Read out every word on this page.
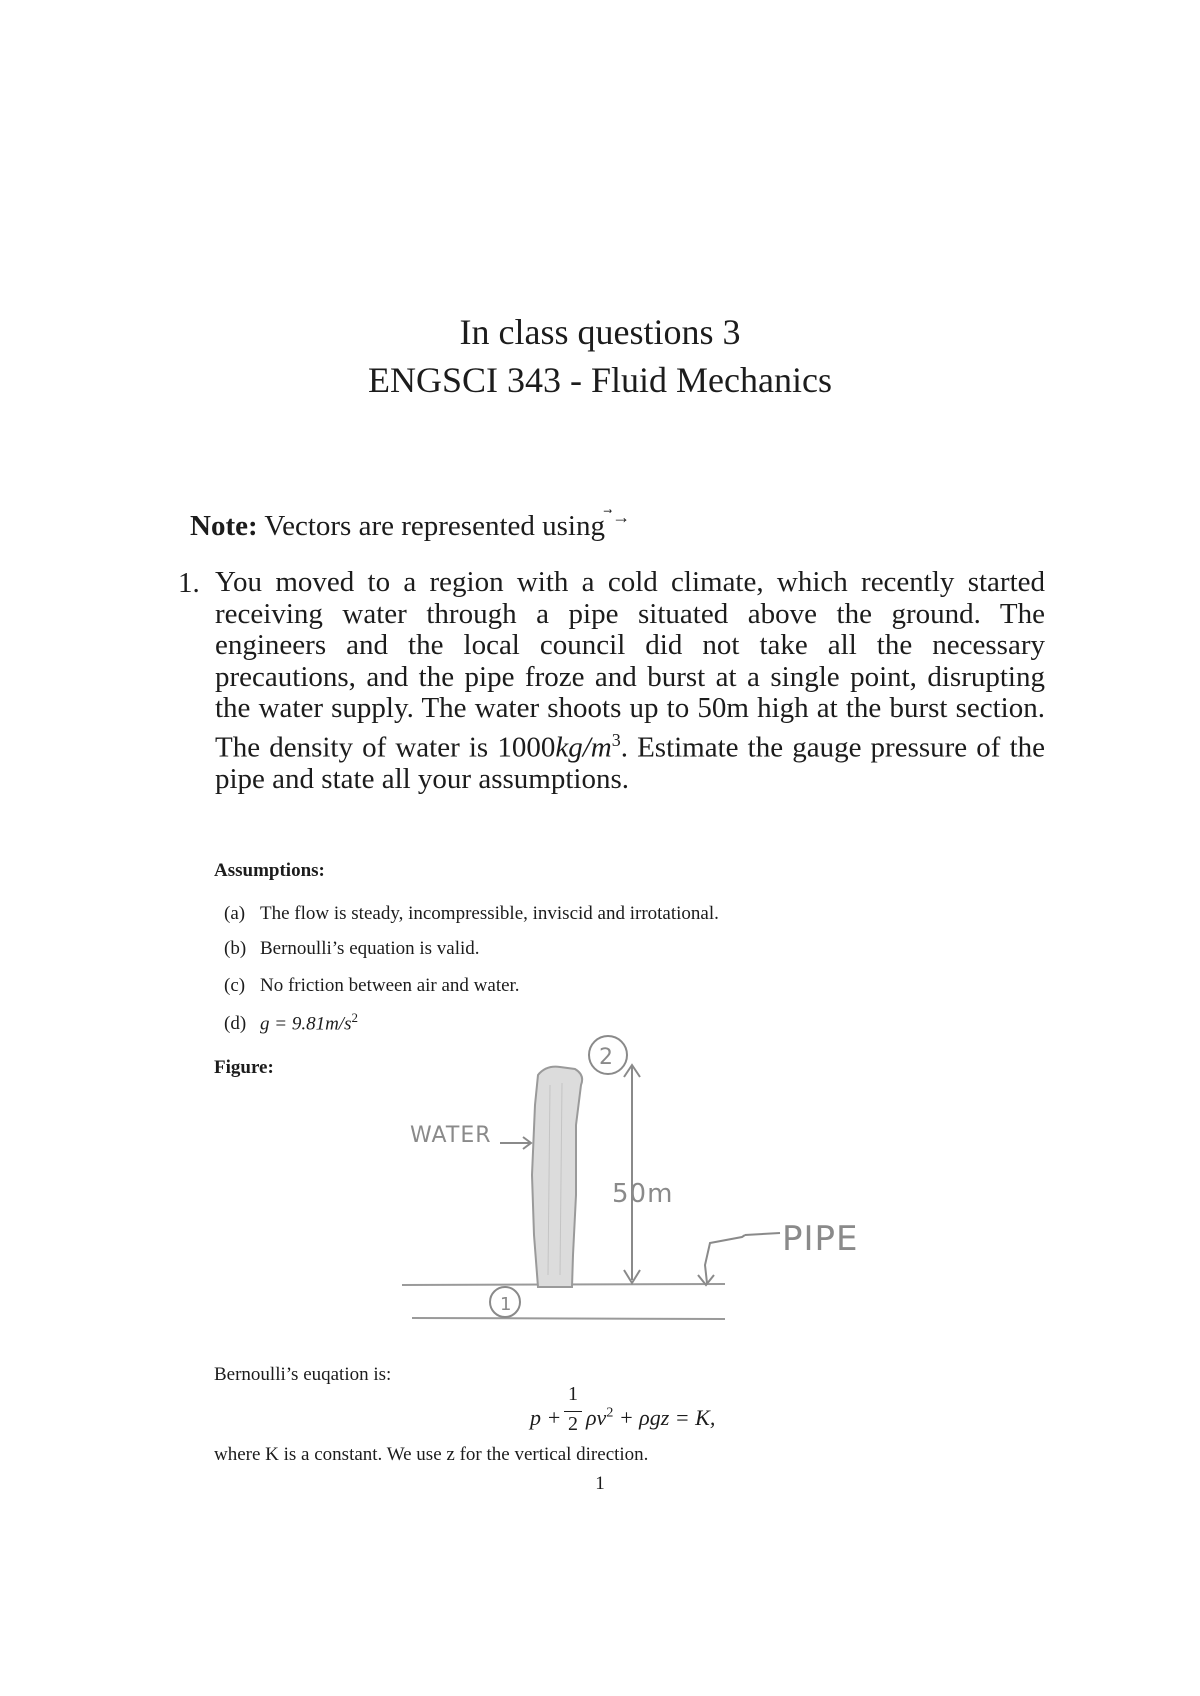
In class questions 3
ENGSCI 343 - Fluid Mechanics
Note: Vectors are represented using ⃗→
1. You moved to a region with a cold climate, which recently started receiving water through a pipe situated above the ground. The engineers and the local council did not take all the necessary precautions, and the pipe froze and burst at a single point, disrupting the water supply. The water shoots up to 50m high at the burst section. The density of water is $1000kg/m^3$. Estimate the gauge pressure of the pipe and state all your assumptions.
Assumptions:
(a) The flow is steady, incompressible, inviscid and irrotational.
(b) Bernoulli’s equation is valid.
(c) No friction between air and water.
(d) $g = 9.81m/s^2$
Figure:	2
1
50m
WATER
PIPE
Bernoulli’s euqation is:
p +
1
2 $\rho v^2 + \rho gz = K$,
where K is a constant. We use z for the vertical direction.
1
